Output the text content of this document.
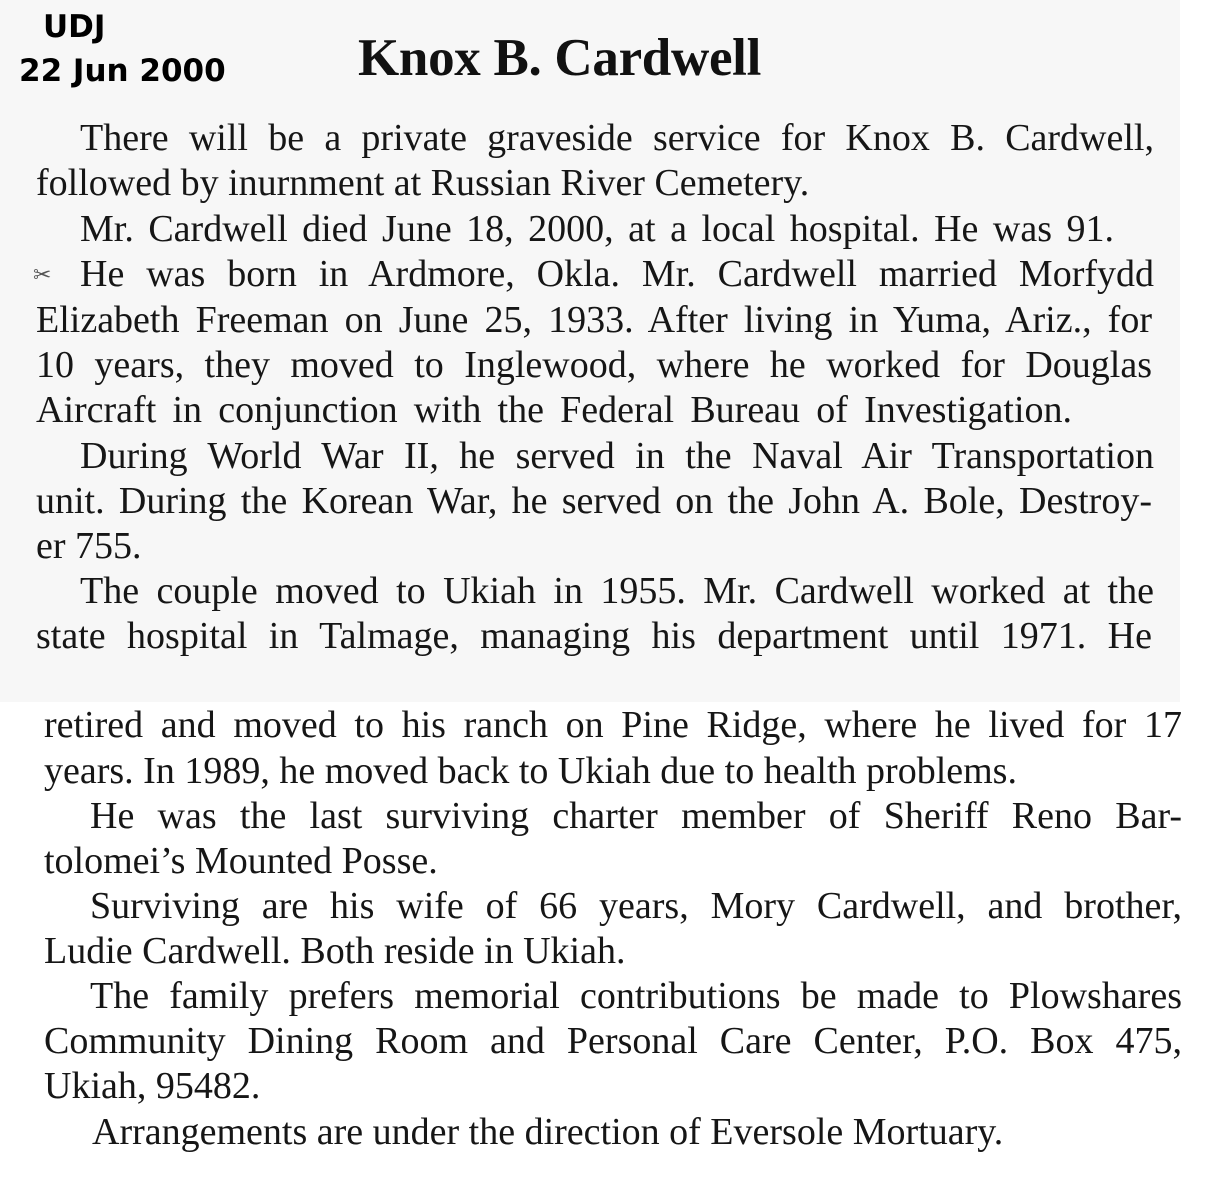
UDJ
22 Jun 2000 Knox B. Cardwell
✂
There will be a private graveside service for Knox B. Cardwell,
followed by inurnment at Russian River Cemetery.
Mr. Cardwell died June 18, 2000, at a local hospital. He was 91.
He was born in Ardmore, Okla. Mr. Cardwell married Morfydd
Elizabeth Freeman on June 25, 1933. After living in Yuma, Ariz., for
10 years, they moved to Inglewood, where he worked for Douglas
Aircraft in conjunction with the Federal Bureau of Investigation.
During World War II, he served in the Naval Air Transportation
unit. During the Korean War, he served on the John A. Bole, Destroy-
er 755.
The couple moved to Ukiah in 1955. Mr. Cardwell worked at the
state hospital in Talmage, managing his department until 1971. He
retired and moved to his ranch on Pine Ridge, where he lived for 17
years. In 1989, he moved back to Ukiah due to health problems.
He was the last surviving charter member of Sheriff Reno Bar-
tolomei’s Mounted Posse.
Surviving are his wife of 66 years, Mory Cardwell, and brother,
Ludie Cardwell. Both reside in Ukiah.
The family prefers memorial contributions be made to Plowshares
Community Dining Room and Personal Care Center, P.O. Box 475,
Ukiah, 95482.
Arrangements are under the direction of Eversole Mortuary.
